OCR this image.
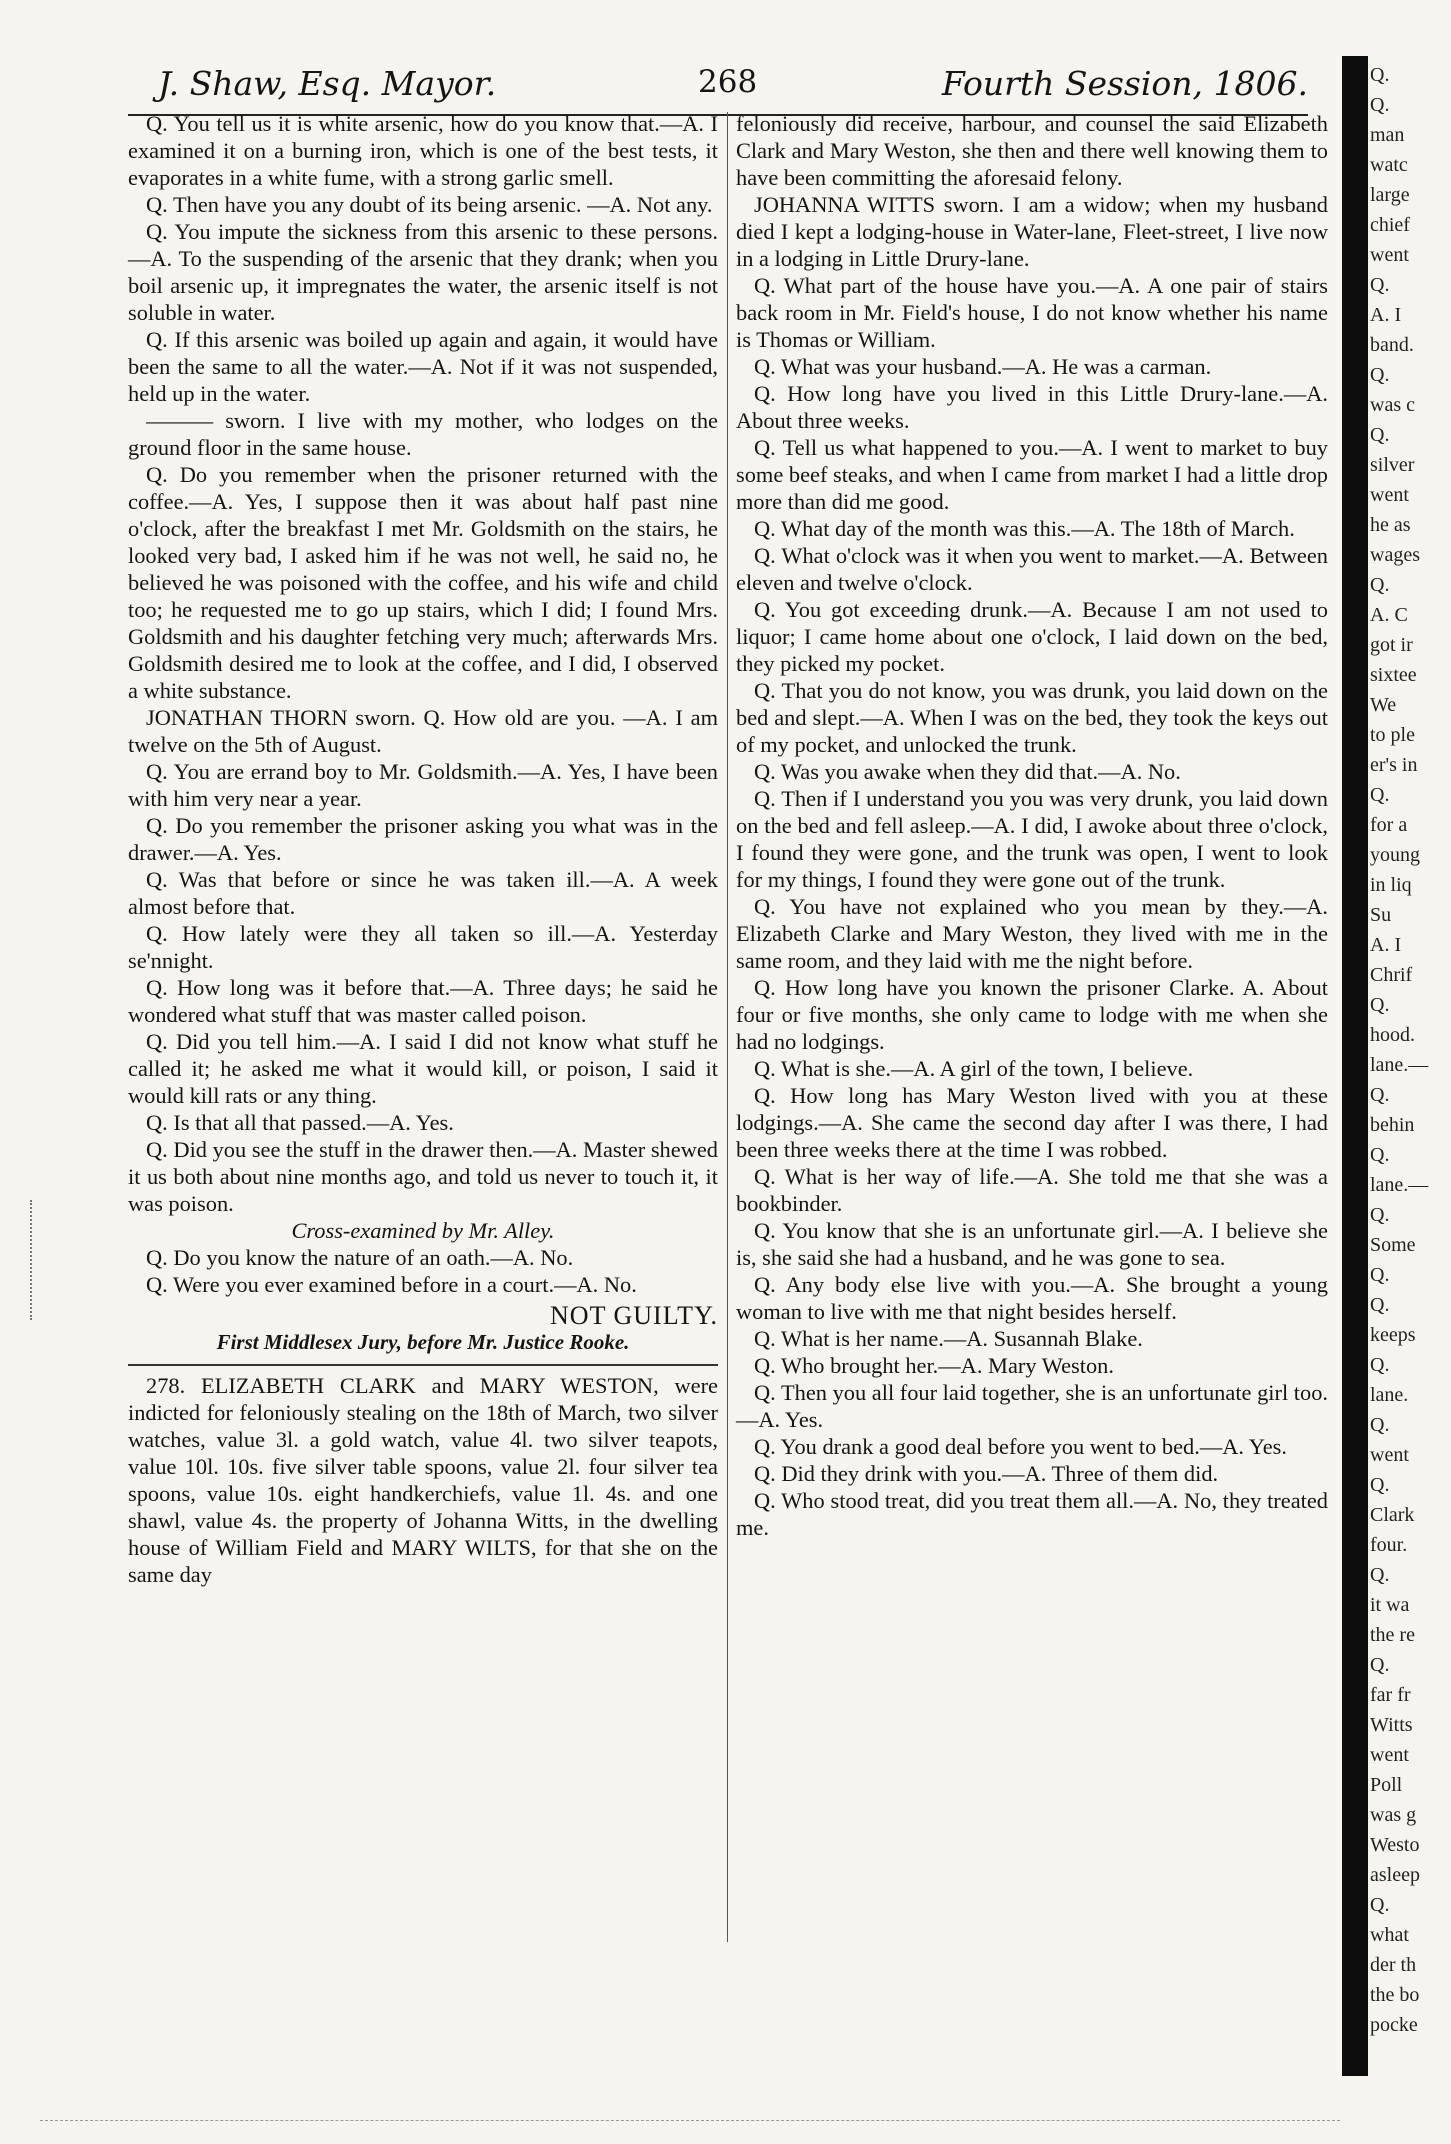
J. Shaw, Esq. Mayor.	268	Fourth Session, 1806.

Q. You tell us it is white arsenic, how do you know that.—A. I examined it on a burning iron, which is one of the best tests, it evaporates in a white fume, with a strong garlic smell.

Q. Then have you any doubt of its being arsenic. —A. Not any.

Q. You impute the sickness from this arsenic to these persons.—A. To the suspending of the arsenic that they drank; when you boil arsenic up, it impregnates the water, the arsenic itself is not soluble in water.

Q. If this arsenic was boiled up again and again, it would have been the same to all the water.—A. Not if it was not suspended, held up in the water.

——— sworn. I live with my mother, who lodges on the ground floor in the same house.

Q. Do you remember when the prisoner returned with the coffee.—A. Yes, I suppose then it was about half past nine o'clock, after the breakfast I met Mr. Goldsmith on the stairs, he looked very bad, I asked him if he was not well, he said no, he believed he was poisoned with the coffee, and his wife and child too; he requested me to go up stairs, which I did; I found Mrs. Goldsmith and his daughter fetching very much; afterwards Mrs. Goldsmith desired me to look at the coffee, and I did, I observed a white substance.

JONATHAN THORN sworn. Q. How old are you. —A. I am twelve on the 5th of August.

Q. You are errand boy to Mr. Goldsmith.—A. Yes, I have been with him very near a year.

Q. Do you remember the prisoner asking you what was in the drawer.—A. Yes.

Q. Was that before or since he was taken ill.—A. A week almost before that.

Q. How lately were they all taken so ill.—A. Yesterday se'nnight.

Q. How long was it before that.—A. Three days; he said he wondered what stuff that was master called poison.

Q. Did you tell him.—A. I said I did not know what stuff he called it; he asked me what it would kill, or poison, I said it would kill rats or any thing.

Q. Is that all that passed.—A. Yes.

Q. Did you see the stuff in the drawer then.—A. Master shewed it us both about nine months ago, and told us never to touch it, it was poison.

Cross-examined by Mr. Alley.

Q. Do you know the nature of an oath.—A. No.

Q. Were you ever examined before in a court.—A. No.

NOT GUILTY.

First Middlesex Jury, before Mr. Justice Rooke.

278. ELIZABETH CLARK and MARY WESTON, were indicted for feloniously stealing on the 18th of March, two silver watches, value 3l. a gold watch, value 4l. two silver teapots, value 10l. 10s. five silver table spoons, value 2l. four silver tea spoons, value 10s. eight handkerchiefs, value 1l. 4s. and one shawl, value 4s. the property of Johanna Witts, in the dwelling house of William Field and MARY WILTS, for that she on the same day

feloniously did receive, harbour, and counsel the said Elizabeth Clark and Mary Weston, she then and there well knowing them to have been committing the aforesaid felony.

JOHANNA WITTS sworn. I am a widow; when my husband died I kept a lodging-house in Water-lane, Fleet-street, I live now in a lodging in Little Drury-lane.

Q. What part of the house have you.—A. A one pair of stairs back room in Mr. Field's house, I do not know whether his name is Thomas or William.

Q. What was your husband.—A. He was a carman.

Q. How long have you lived in this Little Drury-lane.—A. About three weeks.

Q. Tell us what happened to you.—A. I went to market to buy some beef steaks, and when I came from market I had a little drop more than did me good.

Q. What day of the month was this.—A. The 18th of March.

Q. What o'clock was it when you went to market.—A. Between eleven and twelve o'clock.

Q. You got exceeding drunk.—A. Because I am not used to liquor; I came home about one o'clock, I laid down on the bed, they picked my pocket.

Q. That you do not know, you was drunk, you laid down on the bed and slept.—A. When I was on the bed, they took the keys out of my pocket, and unlocked the trunk.

Q. Was you awake when they did that.—A. No.

Q. Then if I understand you you was very drunk, you laid down on the bed and fell asleep.—A. I did, I awoke about three o'clock, I found they were gone, and the trunk was open, I went to look for my things, I found they were gone out of the trunk.

Q. You have not explained who you mean by they.—A. Elizabeth Clarke and Mary Weston, they lived with me in the same room, and they laid with me the night before.

Q. How long have you known the prisoner Clarke. A. About four or five months, she only came to lodge with me when she had no lodgings.

Q. What is she.—A. A girl of the town, I believe.

Q. How long has Mary Weston lived with you at these lodgings.—A. She came the second day after I was there, I had been three weeks there at the time I was robbed.

Q. What is her way of life.—A. She told me that she was a bookbinder.

Q. You know that she is an unfortunate girl.—A. I believe she is, she said she had a husband, and he was gone to sea.

Q. Any body else live with you.—A. She brought a young woman to live with me that night besides herself.

Q. What is her name.—A. Susannah Blake.

Q. Who brought her.—A. Mary Weston.

Q. Then you all four laid together, she is an unfortunate girl too.—A. Yes.

Q. You drank a good deal before you went to bed.—A. Yes.

Q. Did they drink with you.—A. Three of them did.

Q. Who stood treat, did you treat them all.—A. No, they treated me.

Q.
Q.
man
watc
large
chief
went
Q.
A. I
band.
Q.
was c
Q.
silver
went
he as
wages
Q.
A. C
got ir
sixtee
We
to ple
er's in
Q.
for a
young
in liq
Su
A. I
Chrif
Q.
hood.
lane.—
Q.
behin
Q.
lane.—
Q.
Some
Q.
Q.
keeps
Q.
lane.
Q.
went
Q.
Clark
four.
Q.
it wa
the re
Q.
far fr
Witts
went
Poll
was g
Westo
asleep
Q.
what
der th
the bo
pocke
